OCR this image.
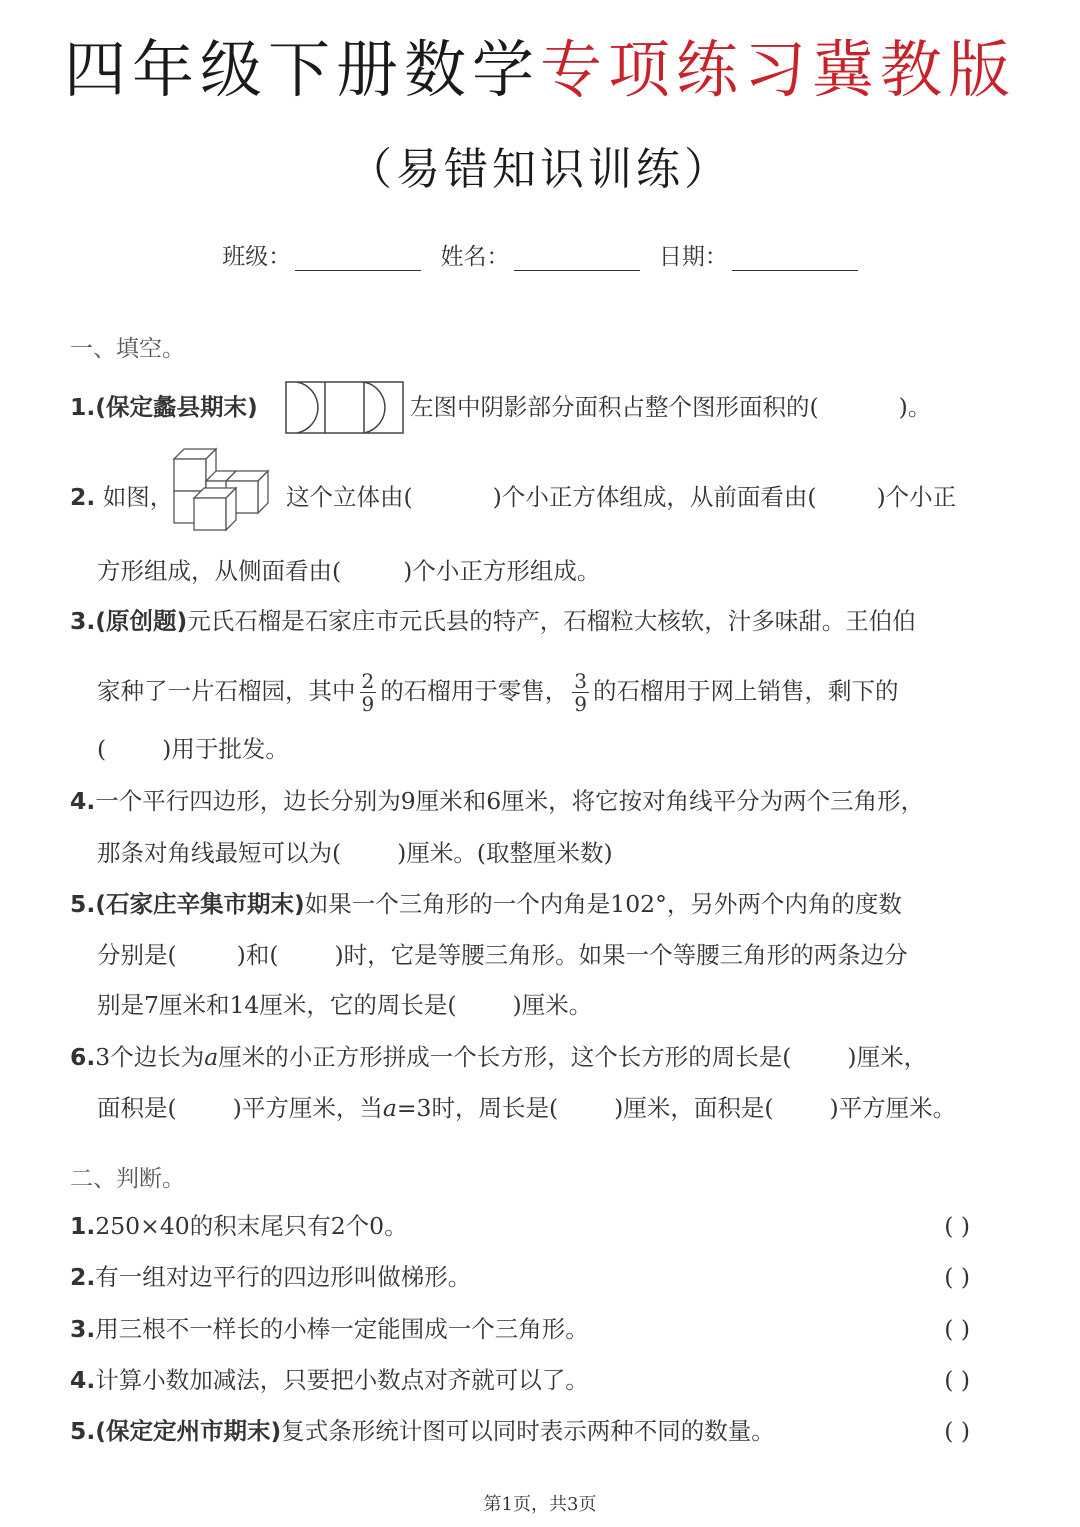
四年级下册数学专项练习冀教版
（易错知识训练）
班级：	姓名：	日期：
一、填空。
1.(保定蠡县期末)	左图中阴影部分面积占整个图形面积的(	)。
2. 如图，	这个立体由(	)个小正方体组成，从前面看由(	)个小正
方形组成，从侧面看由(	)个小正方形组成。
3.(原创题)元氏石榴是石家庄市元氏县的特产，石榴粒大核软，汁多味甜。王伯伯
家种了一片石榴园，其中 $\frac{2}{9}$ 的石榴用于零售， $\frac{3}{9}$ 的石榴用于网上销售，剩下的
( )用于批发。
4.一个平行四边形，边长分别为9厘米和6厘米，将它按对角线平分为两个三角形，
那条对角线最短可以为( )厘米。(取整厘米数)
5.(石家庄辛集市期末)如果一个三角形的一个内角是102°，另外两个内角的度数
分别是(	)和( )时，它是等腰三角形。如果一个等腰三角形的两条边分
别是7厘米和14厘米，它的周长是( )厘米。
6.3个边长为a厘米的小正方形拼成一个长方形，这个长方形的周长是( )厘米，
面积是( )平方厘米，当a=3时，周长是( )厘米，面积是( )平方厘米。
二、判断。
1.250×40的积末尾只有2个0。	( )
2.有一组对边平行的四边形叫做梯形。	( )
3.用三根不一样长的小棒一定能围成一个三角形。	( )
4.计算小数加减法，只要把小数点对齐就可以了。	( )
5.(保定定州市期末)复式条形统计图可以同时表示两种不同的数量。	( )
第1页，共3页
